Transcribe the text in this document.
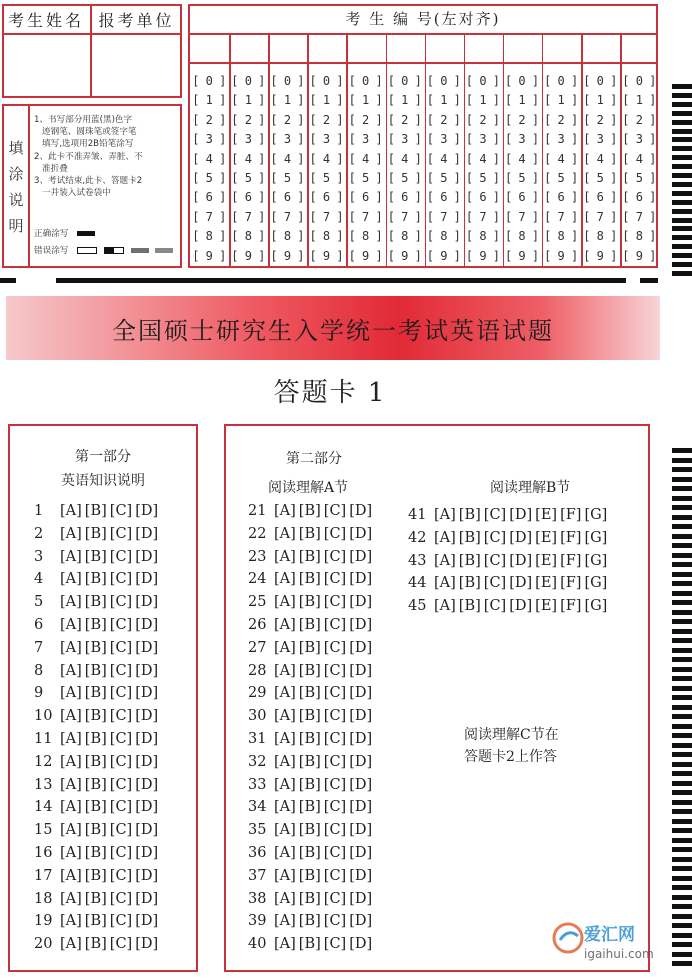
考生姓名 报考单位
填涂说明
1、书写部分用蓝(黑)色字
迹钢笔、圆珠笔或签字笔
填写,选项用2B铅笔涂写
2、此卡不准弄皱、弄脏、不
准折叠
3、考试结束,此卡、答题卡2
一并装入试卷袋中
正确涂写
错误涂写
考 生 编 号(左对齐)
[ 0 ]
[ 1 ]
[ 2 ]
[ 3 ]
[ 4 ]
[ 5 ]
[ 6 ]
[ 7 ]
[ 8 ]
[ 9 ]
[ 0 ]
[ 1 ]
[ 2 ]
[ 3 ]
[ 4 ]
[ 5 ]
[ 6 ]
[ 7 ]
[ 8 ]
[ 9 ]
[ 0 ]
[ 1 ]
[ 2 ]
[ 3 ]
[ 4 ]
[ 5 ]
[ 6 ]
[ 7 ]
[ 8 ]
[ 9 ]
[ 0 ]
[ 1 ]
[ 2 ]
[ 3 ]
[ 4 ]
[ 5 ]
[ 6 ]
[ 7 ]
[ 8 ]
[ 9 ]
[ 0 ]
[ 1 ]
[ 2 ]
[ 3 ]
[ 4 ]
[ 5 ]
[ 6 ]
[ 7 ]
[ 8 ]
[ 9 ]
[ 0 ]
[ 1 ]
[ 2 ]
[ 3 ]
[ 4 ]
[ 5 ]
[ 6 ]
[ 7 ]
[ 8 ]
[ 9 ]
[ 0 ]
[ 1 ]
[ 2 ]
[ 3 ]
[ 4 ]
[ 5 ]
[ 6 ]
[ 7 ]
[ 8 ]
[ 9 ]
[ 0 ]
[ 1 ]
[ 2 ]
[ 3 ]
[ 4 ]
[ 5 ]
[ 6 ]
[ 7 ]
[ 8 ]
[ 9 ]
[ 0 ]
[ 1 ]
[ 2 ]
[ 3 ]
[ 4 ]
[ 5 ]
[ 6 ]
[ 7 ]
[ 8 ]
[ 9 ]
[ 0 ]
[ 1 ]
[ 2 ]
[ 3 ]
[ 4 ]
[ 5 ]
[ 6 ]
[ 7 ]
[ 8 ]
[ 9 ]
[ 0 ]
[ 1 ]
[ 2 ]
[ 3 ]
[ 4 ]
[ 5 ]
[ 6 ]
[ 7 ]
[ 8 ]
[ 9 ]
[ 0 ]
[ 1 ]
[ 2 ]
[ 3 ]
[ 4 ]
[ 5 ]
[ 6 ]
[ 7 ]
[ 8 ]
[ 9 ]
全国硕士研究生入学统一考试英语试题
答题卡 1
第一部分
英语知识说明
1 [A] [B] [C] [D]
2 [A] [B] [C] [D]
3 [A] [B] [C] [D]
4 [A] [B] [C] [D]
5 [A] [B] [C] [D]
6 [A] [B] [C] [D]
7 [A] [B] [C] [D]
8 [A] [B] [C] [D]
9 [A] [B] [C] [D]
10 [A] [B] [C] [D]
11 [A] [B] [C] [D]
12 [A] [B] [C] [D]
13 [A] [B] [C] [D]
14 [A] [B] [C] [D]
15 [A] [B] [C] [D]
16 [A] [B] [C] [D]
17 [A] [B] [C] [D]
18 [A] [B] [C] [D]
19 [A] [B] [C] [D]
20 [A] [B] [C] [D]
第二部分
阅读理解A节	阅读理解B节
21 [A] [B] [C] [D]
22 [A] [B] [C] [D]
23 [A] [B] [C] [D]
24 [A] [B] [C] [D]
25 [A] [B] [C] [D]
26 [A] [B] [C] [D]
27 [A] [B] [C] [D]
28 [A] [B] [C] [D]
29 [A] [B] [C] [D]
30 [A] [B] [C] [D]
31 [A] [B] [C] [D]
32 [A] [B] [C] [D]
33 [A] [B] [C] [D]
34 [A] [B] [C] [D]
35 [A] [B] [C] [D]
36 [A] [B] [C] [D]
37 [A] [B] [C] [D]
38 [A] [B] [C] [D]
39 [A] [B] [C] [D]
40 [A] [B] [C] [D]
41 [A] [B] [C] [D] [E] [F] [G]
42 [A] [B] [C] [D] [E] [F] [G]
43 [A] [B] [C] [D] [E] [F] [G]
44 [A] [B] [C] [D] [E] [F] [G]
45 [A] [B] [C] [D] [E] [F] [G]
阅读理解C节在
答题卡2上作答
爱汇网
igaihui.com
